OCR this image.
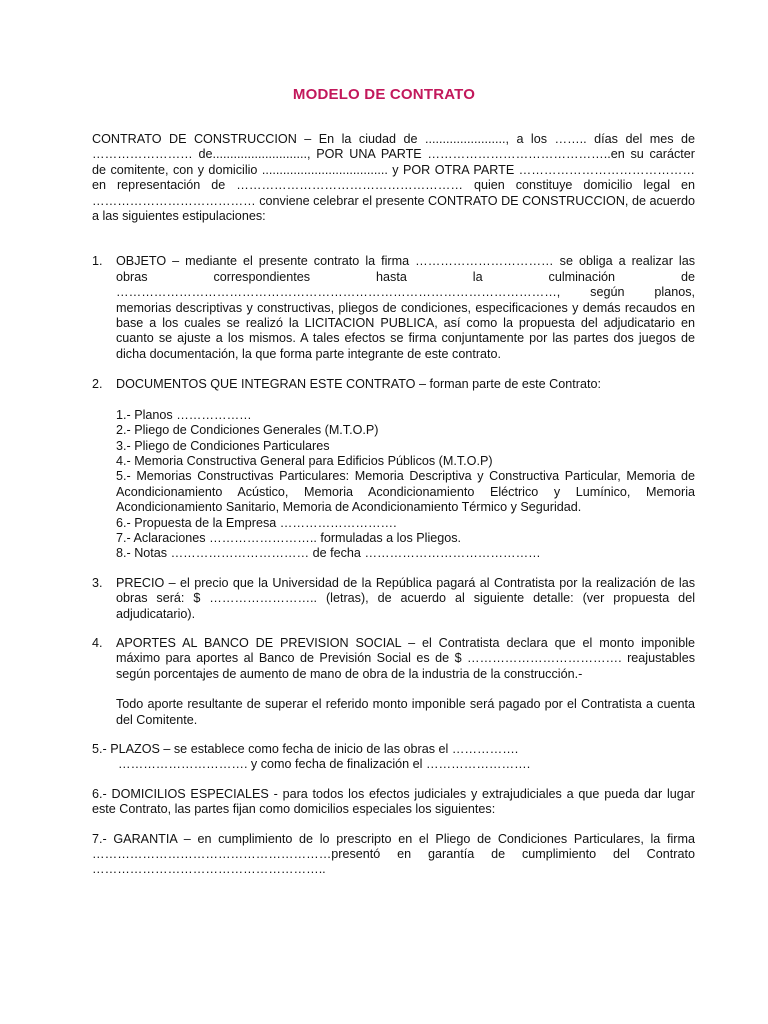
MODELO DE CONTRATO
CONTRATO DE CONSTRUCCION – En la ciudad de ......................., a los …….. días del mes de …………………… de..........................., POR UNA PARTE ……………………………………..en su carácter de comitente, con y domicilio .................................... y POR OTRA PARTE …………………………………… en representación de ……………………………………………… quien constituye domicilio legal en ………………………………… conviene celebrar el presente CONTRATO DE CONSTRUCCION, de acuerdo a las siguientes estipulaciones:
1. OBJETO – mediante el presente contrato la firma …………………………… se obliga a realizar las obras correspondientes hasta la culminación de ……………………………………………………………………………………………, según planos, memorias descriptivas y constructivas, pliegos de condiciones, especificaciones y demás recaudos en base a los cuales se realizó la LICITACION PUBLICA, así como la propuesta del adjudicatario en cuanto se ajuste a los mismos. A tales efectos se firma conjuntamente por las partes dos juegos de dicha documentación, la que forma parte integrante de este contrato.
2. DOCUMENTOS QUE INTEGRAN ESTE CONTRATO – forman parte de este Contrato:
1.- Planos ………………
2.- Pliego de Condiciones Generales (M.T.O.P)
3.- Pliego de Condiciones Particulares
4.- Memoria Constructiva General para Edificios Públicos (M.T.O.P)
5.- Memorias Constructivas Particulares: Memoria Descriptiva y Constructiva Particular, Memoria de Acondicionamiento Acústico, Memoria Acondicionamiento Eléctrico y Lumínico, Memoria Acondicionamiento Sanitario, Memoria de Acondicionamiento Térmico y Seguridad.
6.- Propuesta de la Empresa ……………………….
7.- Aclaraciones …………………….. formuladas a los Pliegos.
8.- Notas …………………………… de fecha ……………………………………
3. PRECIO – el precio que la Universidad de la República pagará al Contratista por la realización de las obras será: $ …………………….. (letras), de acuerdo al siguiente detalle: (ver propuesta del adjudicatario).
4. APORTES AL BANCO DE PREVISION SOCIAL – el Contratista declara que el monto imponible máximo para aportes al Banco de Previsión Social es de $ ………………………………. reajustables según porcentajes de aumento de mano de obra de la industria de la construcción.-
Todo aporte resultante de superar el referido monto imponible será pagado por el Contratista a cuenta del Comitente.
5.- PLAZOS – se establece como fecha de inicio de las obras el …………….
…………………………. y como fecha de finalización el …………………….
6.- DOMICILIOS ESPECIALES - para todos los efectos judiciales y extrajudiciales a que pueda dar lugar este Contrato, las partes fijan como domicilios especiales los siguientes:
7.- GARANTIA – en cumplimiento de lo prescripto en el Pliego de Condiciones Particulares, la firma …………………………………………………presentó en garantía de cumplimiento del Contrato ………………………………………………..
